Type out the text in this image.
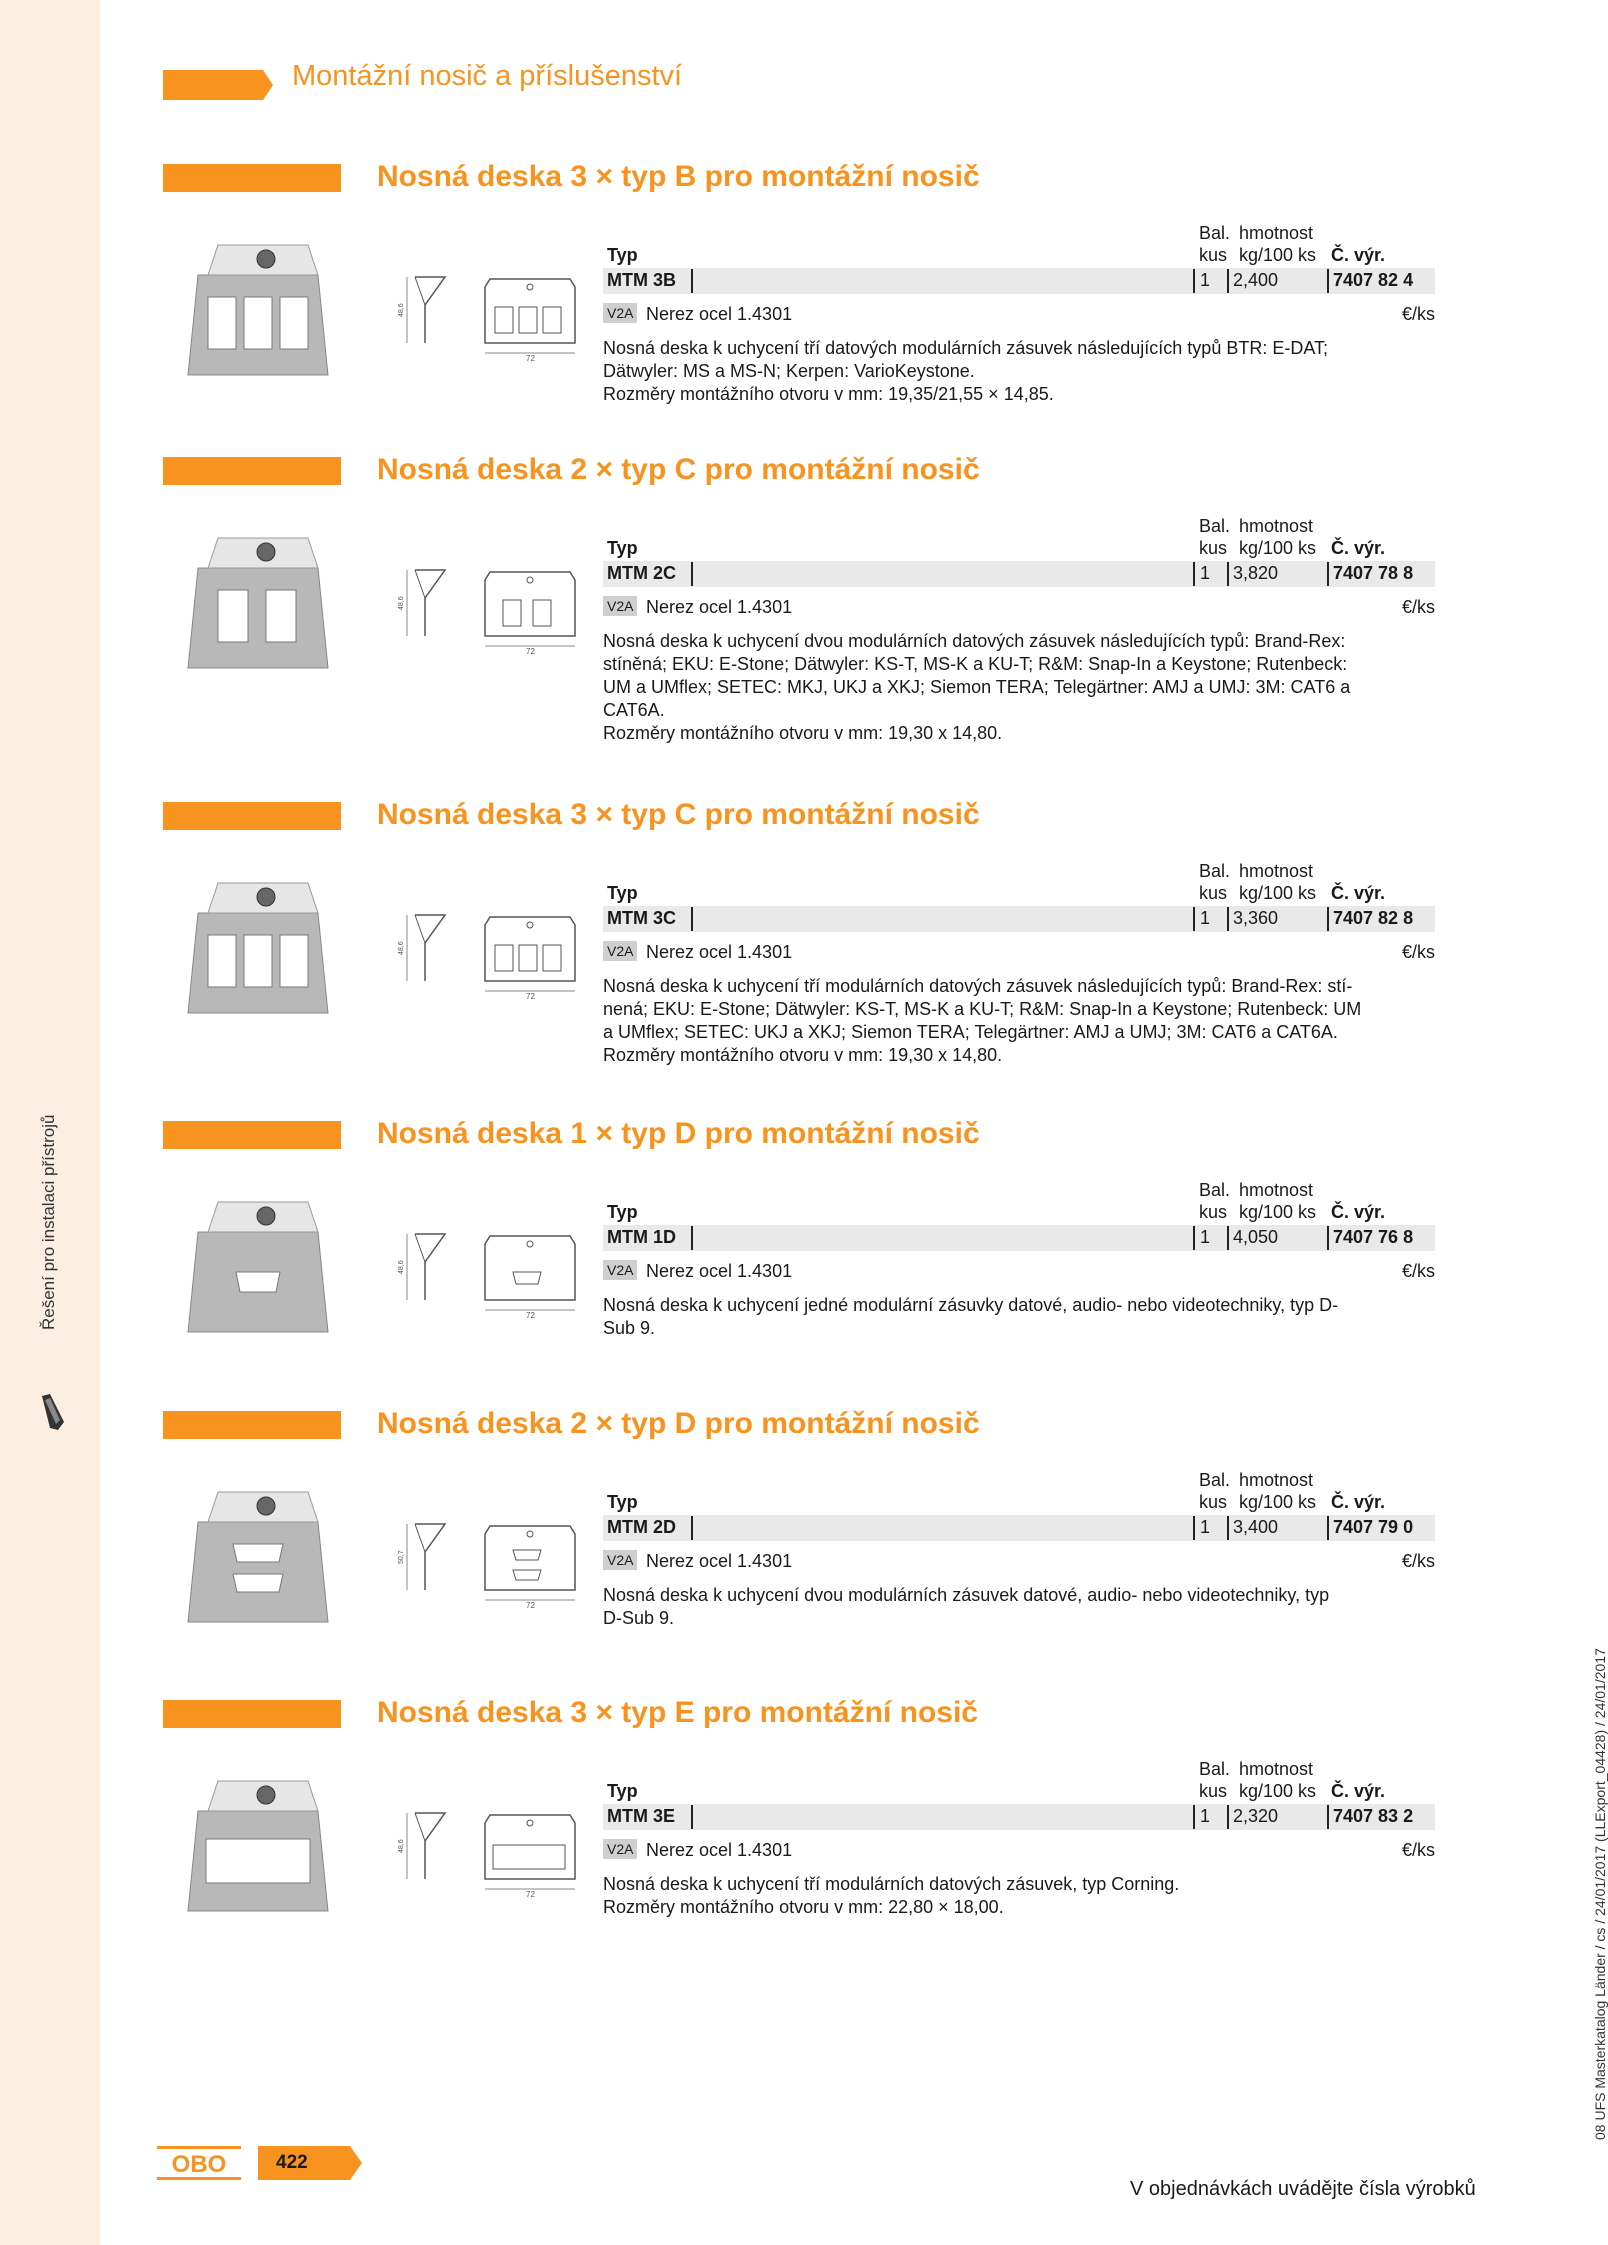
Řešení pro instalaci přístrojů
08 UFS Masterkatalog Länder / cs / 24/01/2017 (LLExport_04428) / 24/01/2017
Montážní nosič a příslušenství
Nosná deska 3 × typ B pro montážní nosič
48,6
72
Bal. hmotnost
Typ	kus kg/100 ks Č. výr.
MTM 3B	1 2,400	7407 82 4
V2A Nerez ocel 1.4301	€/ks
Nosná deska k uchycení tří datových modulárních zásuvek následujících typů BTR: E-DAT;
Dätwyler: MS a MS-N; Kerpen: VarioKeystone.
Rozměry montážního otvoru v mm: 19,35/21,55 × 14,85.
Nosná deska 2 × typ C pro montážní nosič
48,6
72
Bal. hmotnost
Typ	kus kg/100 ks Č. výr.
MTM 2C	1 3,820	7407 78 8
V2A Nerez ocel 1.4301	€/ks
Nosná deska k uchycení dvou modulárních datových zásuvek následujících typů: Brand-Rex:
stíněná; EKU: E-Stone; Dätwyler: KS-T, MS-K a KU-T; R&M: Snap-In a Keystone; Rutenbeck:
UM a UMflex; SETEC: MKJ, UKJ a XKJ; Siemon TERA; Telegärtner: AMJ a UMJ: 3M: CAT6 a
CAT6A.
Rozměry montážního otvoru v mm: 19,30 x 14,80.
Nosná deska 3 × typ C pro montážní nosič
48,6
72
Bal. hmotnost
Typ	kus kg/100 ks Č. výr.
MTM 3C	1 3,360	7407 82 8
V2A Nerez ocel 1.4301	€/ks
Nosná deska k uchycení tří modulárních datových zásuvek následujících typů: Brand-Rex: stí-
nená; EKU: E-Stone; Dätwyler: KS-T, MS-K a KU-T; R&M: Snap-In a Keystone; Rutenbeck: UM
a UMflex; SETEC: UKJ a XKJ; Siemon TERA; Telegärtner: AMJ a UMJ; 3M: CAT6 a CAT6A.
Rozměry montážního otvoru v mm: 19,30 x 14,80.
Nosná deska 1 × typ D pro montážní nosič
48,6
72
Bal. hmotnost
Typ	kus kg/100 ks Č. výr.
MTM 1D	1 4,050	7407 76 8
V2A Nerez ocel 1.4301	€/ks
Nosná deska k uchycení jedné modulární zásuvky datové, audio- nebo videotechniky, typ D-
Sub 9.
Nosná deska 2 × typ D pro montážní nosič
50,7
72
Bal. hmotnost
Typ	kus kg/100 ks Č. výr.
MTM 2D	1 3,400	7407 79 0
V2A Nerez ocel 1.4301	€/ks
Nosná deska k uchycení dvou modulárních zásuvek datové, audio- nebo videotechniky, typ
D-Sub 9.
Nosná deska 3 × typ E pro montážní nosič
48,6
72
Bal. hmotnost
Typ	kus kg/100 ks Č. výr.
MTM 3E	1 2,320	7407 83 2
V2A Nerez ocel 1.4301	€/ks
Nosná deska k uchycení tří modulárních datových zásuvek, typ Corning.
Rozměry montážního otvoru v mm: 22,80 × 18,00.
OBO	422
V objednávkách uvádějte čísla výrobků
